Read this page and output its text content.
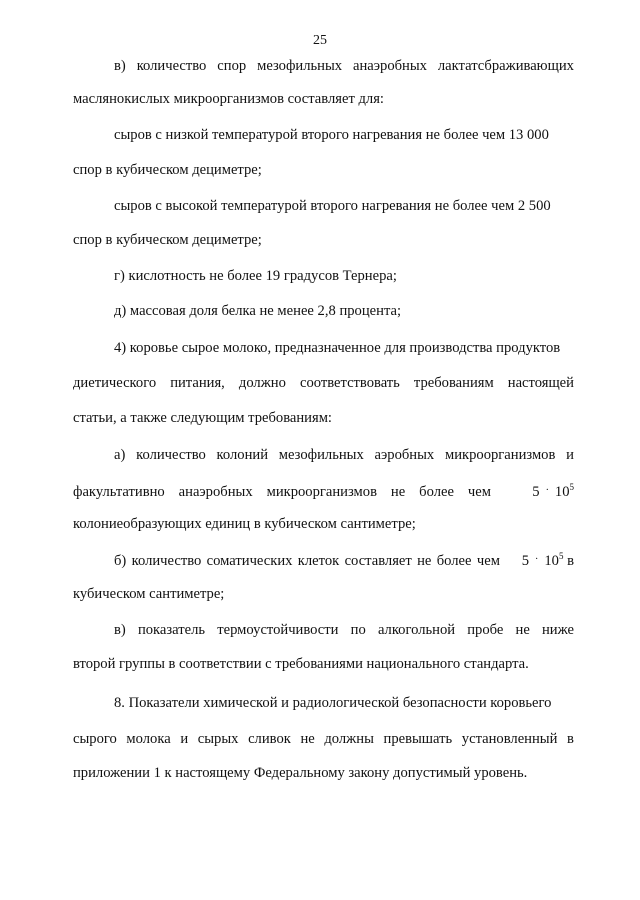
25
в) количество спор мезофильных анаэробных лактатсбраживающих
маслянокислых микроорганизмов составляет для:
сыров с низкой температурой второго нагревания не более чем 13 000
спор в кубическом дециметре;
сыров с высокой температурой второго нагревания не более чем 2 500
спор в кубическом дециметре;
г) кислотность не более 19 градусов Тернера;
д) массовая доля белка не менее 2,8 процента;
4) коровье сырое молоко, предназначенное для производства продуктов
диетического питания, должно соответствовать требованиям настоящей
статьи, а также следующим требованиям:
а) количество колоний мезофильных аэробных микроорганизмов и
факультативно анаэробных микроорганизмов не более чем	$5 \cdot 10^5$
колониеобразующих единиц в кубическом сантиметре;
б) количество соматических клеток составляет не более чем $5 \cdot 10^5$ в
кубическом сантиметре;
в) показатель термоустойчивости по алкогольной пробе не ниже
второй группы в соответствии с требованиями национального стандарта.
8. Показатели химической и радиологической безопасности коровьего
сырого молока и сырых сливок не должны превышать установленный в
приложении 1 к настоящему Федеральному закону допустимый уровень.
